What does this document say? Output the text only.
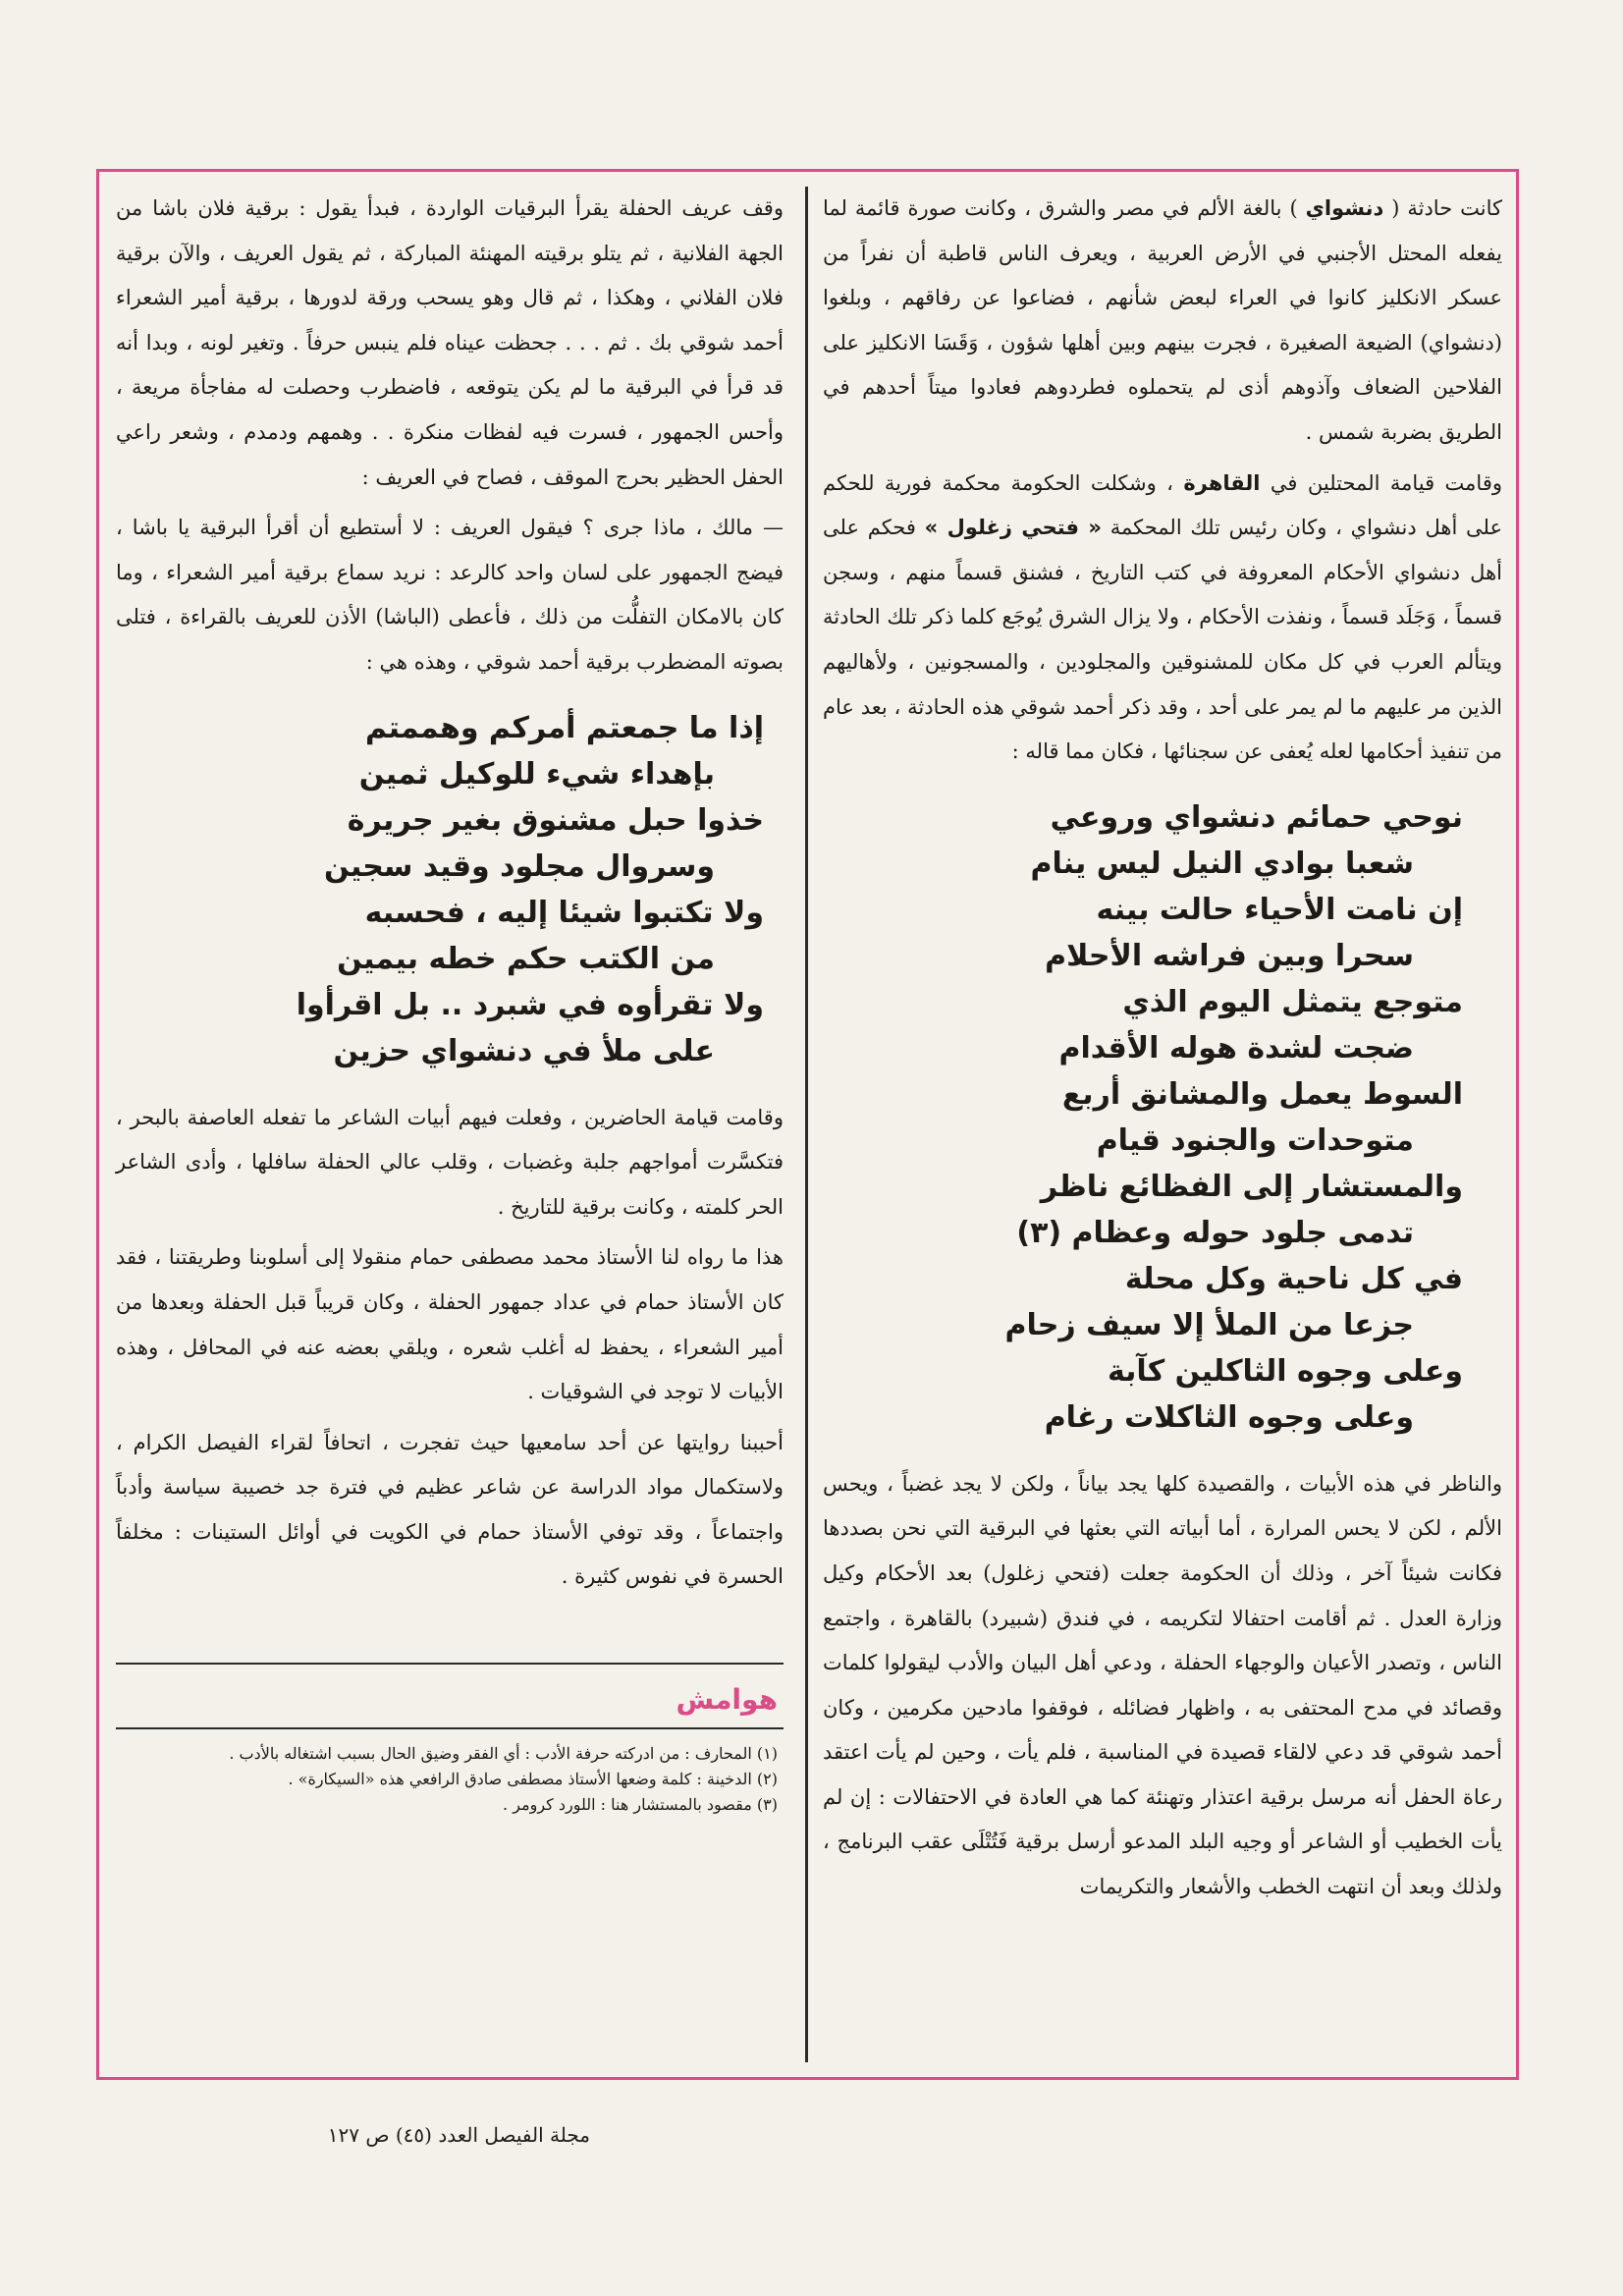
كانت حادثة ( دنشواي ) بالغة الألم في مصر والشرق ، وكانت صورة قائمة لما يفعله المحتل الأجنبي في الأرض العربية ، ويعرف الناس قاطبة أن نفراً من عسكر الانكليز كانوا في العراء لبعض شأنهم ، فضاعوا عن رفاقهم ، وبلغوا (دنشواي) الضيعة الصغيرة ، فجرت بينهم وبين أهلها شؤون ، وَقَسَا الانكليز على الفلاحين الضعاف وآذوهم أذى لم يتحملوه فطردوهم فعادوا ميتاً أحدهم في الطريق بضربة شمس .

وقامت قيامة المحتلين في القاهرة ، وشكلت الحكومة محكمة فورية للحكم على أهل دنشواي ، وكان رئيس تلك المحكمة « فتحي زغلول » فحكم على أهل دنشواي الأحكام المعروفة في كتب التاريخ ، فشنق قسماً منهم ، وسجن قسماً ، وَجَلَد قسماً ، ونفذت الأحكام ، ولا يزال الشرق يُوجَع كلما ذكر تلك الحادثة ويتألم العرب في كل مكان للمشنوقين والمجلودين ، والمسجونين ، ولأهاليهم الذين مر عليهم ما لم يمر على أحد ، وقد ذكر أحمد شوقي هذه الحادثة ، بعد عام من تنفيذ أحكامها لعله يُعفى عن سجنائها ، فكان مما قاله :

نوحي حمائم دنشواي وروعي
شعبا بوادي النيل ليس ينام
إن نامت الأحياء حالت بينه
سحرا وبين فراشه الأحلام
متوجع يتمثل اليوم الذي
ضجت لشدة هوله الأقدام
السوط يعمل والمشانق أربع
متوحدات والجنود قيام
والمستشار إلى الفظائع ناظر
تدمى جلود حوله وعظام (٣)
في كل ناحية وكل محلة
جزعا من الملأ إلا سيف زحام
وعلى وجوه الثاكلين كآبة
وعلى وجوه الثاكلات رغام

والناظر في هذه الأبيات ، والقصيدة كلها يجد بياناً ، ولكن لا يجد غضباً ، ويحس الألم ، لكن لا يحس المرارة ، أما أبياته التي بعثها في البرقية التي نحن بصددها فكانت شيئاً آخر ، وذلك أن الحكومة جعلت (فتحي زغلول) بعد الأحكام وكيل وزارة العدل . ثم أقامت احتفالا لتكريمه ، في فندق (شبيرد) بالقاهرة ، واجتمع الناس ، وتصدر الأعيان والوجهاء الحفلة ، ودعي أهل البيان والأدب ليقولوا كلمات وقصائد في مدح المحتفى به ، واظهار فضائله ، فوقفوا مادحين مكرمين ، وكان أحمد شوقي قد دعي لالقاء قصيدة في المناسبة ، فلم يأت ، وحين لم يأت اعتقد رعاة الحفل أنه مرسل برقية اعتذار وتهنئة كما هي العادة في الاحتفالات : إن لم يأت الخطيب أو الشاعر أو وجيه البلد المدعو أرسل برقية فَتُتْلَى عقب البرنامج ، ولذلك وبعد أن انتهت الخطب والأشعار والتكريمات

وقف عريف الحفلة يقرأ البرقيات الواردة ، فبدأ يقول : برقية فلان باشا من الجهة الفلانية ، ثم يتلو برقيته المهنئة المباركة ، ثم يقول العريف ، والآن برقية فلان الفلاني ، وهكذا ، ثم قال وهو يسحب ورقة لدورها ، برقية أمير الشعراء أحمد شوقي بك . ثم . . . جحظت عيناه فلم ينبس حرفاً . وتغير لونه ، وبدا أنه قد قرأ في البرقية ما لم يكن يتوقعه ، فاضطرب وحصلت له مفاجأة مريعة ، وأحس الجمهور ، فسرت فيه لفظات منكرة . . وهمهم ودمدم ، وشعر راعي الحفل الحظير بحرج الموقف ، فصاح في العريف :

— مالك ، ماذا جرى ؟ فيقول العريف : لا أستطيع أن أقرأ البرقية يا باشا ، فيضج الجمهور على لسان واحد كالرعد : نريد سماع برقية أمير الشعراء ، وما كان بالامكان التفلُّت من ذلك ، فأعطى (الباشا) الأذن للعريف بالقراءة ، فتلى بصوته المضطرب برقية أحمد شوقي ، وهذه هي :

إذا ما جمعتم أمركم وهممتم
بإهداء شيء للوكيل ثمين
خذوا حبل مشنوق بغير جريرة
وسروال مجلود وقيد سجين
ولا تكتبوا شيئا إليه ، فحسبه
من الكتب حكم خطه بيمين
ولا تقرأوه في شبرد .. بل اقرأوا
على ملأ في دنشواي حزين

وقامت قيامة الحاضرين ، وفعلت فيهم أبيات الشاعر ما تفعله العاصفة بالبحر ، فتكسَّرت أمواجهم جلبة وغضبات ، وقلب عالي الحفلة سافلها ، وأدى الشاعر الحر كلمته ، وكانت برقية للتاريخ .

هذا ما رواه لنا الأستاذ محمد مصطفى حمام منقولا إلى أسلوبنا وطريقتنا ، فقد كان الأستاذ حمام في عداد جمهور الحفلة ، وكان قريباً قبل الحفلة وبعدها من أمير الشعراء ، يحفظ له أغلب شعره ، ويلقي بعضه عنه في المحافل ، وهذه الأبيات لا توجد في الشوقيات .

أحببنا روايتها عن أحد سامعيها حيث تفجرت ، اتحافاً لقراء الفيصل الكرام ، ولاستكمال مواد الدراسة عن شاعر عظيم في فترة جد خصيبة سياسة وأدباً واجتماعاً ، وقد توفي الأستاذ حمام في الكويت في أوائل الستينات : مخلفاً الحسرة في نفوس كثيرة .

هوامش
(١) المحارف : من ادركته حرفة الأدب : أي الفقر وضيق الحال بسبب اشتغاله بالأدب .
(٢) الدخينة : كلمة وضعها الأستاذ مصطفى صادق الرافعي هذه «السيكارة» .
(٣) مقصود بالمستشار هنا : اللورد كرومر .
مجلة الفيصل العدد (٤٥) ص ١٢٧
